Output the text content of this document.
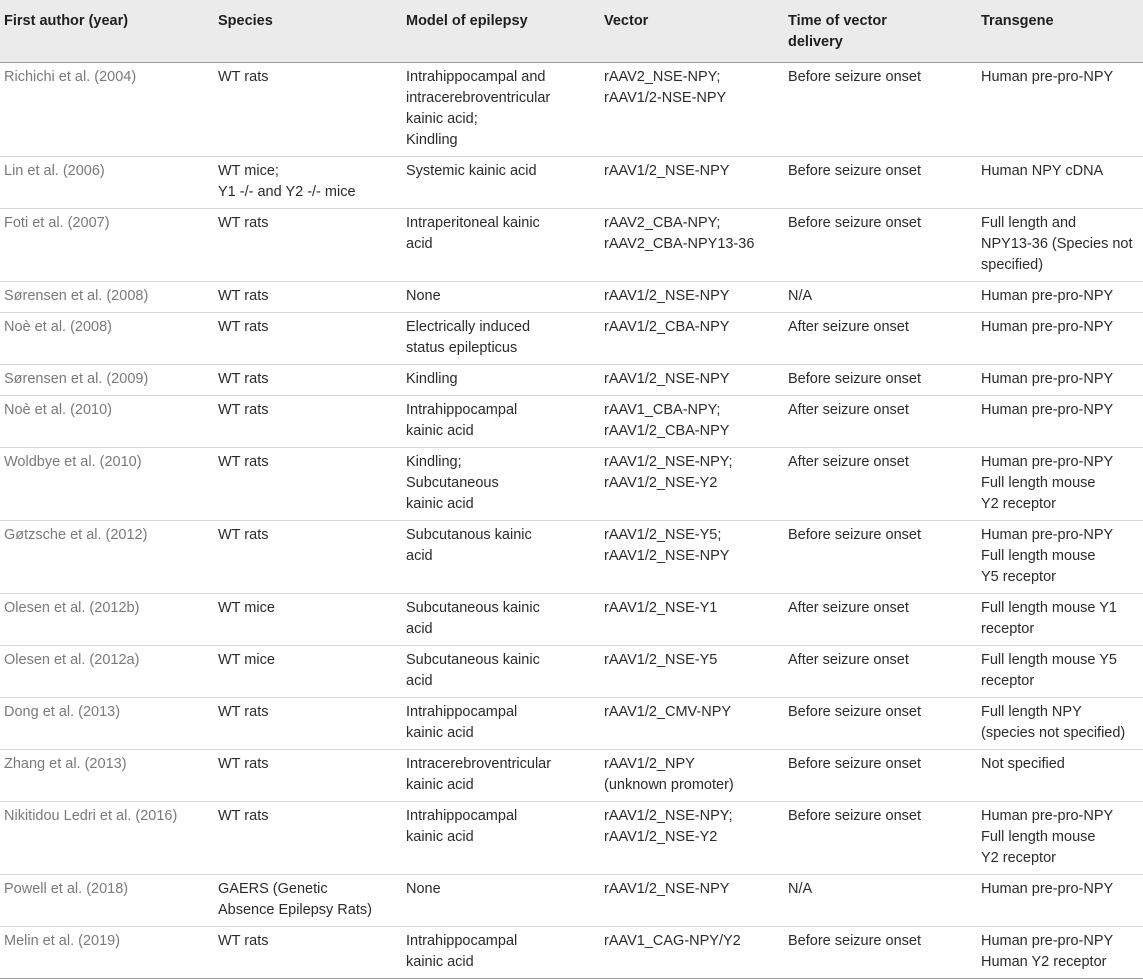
First author (year)	Species	Model of epilepsy	Vector	Time of vector
delivery	Transgene
Richichi et al. (2004)	WT rats	Intrahippocampal and
intracerebroventricular
kainic acid;
Kindling	rAAV2_NSE-NPY;
rAAV1/2-NSE-NPY	Before seizure onset	Human pre-pro-NPY
Lin et al. (2006)	WT mice;
Y1 -/- and Y2 -/- mice	Systemic kainic acid	rAAV1/2_NSE-NPY	Before seizure onset	Human NPY cDNA
Foti et al. (2007)	WT rats	Intraperitoneal kainic
acid	rAAV2_CBA-NPY;
rAAV2_CBA-NPY13-36	Before seizure onset	Full length and
NPY13-36 (Species not
specified)
Sørensen et al. (2008)	WT rats	None	rAAV1/2_NSE-NPY	N/A	Human pre-pro-NPY
Noè et al. (2008)	WT rats	Electrically induced
status epilepticus	rAAV1/2_CBA-NPY	After seizure onset	Human pre-pro-NPY
Sørensen et al. (2009)	WT rats	Kindling	rAAV1/2_NSE-NPY	Before seizure onset	Human pre-pro-NPY
Noè et al. (2010)	WT rats	Intrahippocampal
kainic acid	rAAV1_CBA-NPY;
rAAV1/2_CBA-NPY	After seizure onset	Human pre-pro-NPY
Woldbye et al. (2010)	WT rats	Kindling;
Subcutaneous
kainic acid	rAAV1/2_NSE-NPY;
rAAV1/2_NSE-Y2	After seizure onset	Human pre-pro-NPY
Full length mouse
Y2 receptor
Gøtzsche et al. (2012)	WT rats	Subcutanous kainic
acid	rAAV1/2_NSE-Y5;
rAAV1/2_NSE-NPY	Before seizure onset	Human pre-pro-NPY
Full length mouse
Y5 receptor
Olesen et al. (2012b)	WT mice	Subcutaneous kainic
acid	rAAV1/2_NSE-Y1	After seizure onset	Full length mouse Y1
receptor
Olesen et al. (2012a)	WT mice	Subcutaneous kainic
acid	rAAV1/2_NSE-Y5	After seizure onset	Full length mouse Y5
receptor
Dong et al. (2013)	WT rats	Intrahippocampal
kainic acid	rAAV1/2_CMV-NPY	Before seizure onset	Full length NPY
(species not specified)
Zhang et al. (2013)	WT rats	Intracerebroventricular
kainic acid	rAAV1/2_NPY
(unknown promoter)	Before seizure onset	Not specified
Nikitidou Ledri et al. (2016)	WT rats	Intrahippocampal
kainic acid	rAAV1/2_NSE-NPY;
rAAV1/2_NSE-Y2	Before seizure onset	Human pre-pro-NPY
Full length mouse
Y2 receptor
Powell et al. (2018)	GAERS (Genetic
Absence Epilepsy Rats)	None	rAAV1/2_NSE-NPY	N/A	Human pre-pro-NPY
Melin et al. (2019)	WT rats	Intrahippocampal
kainic acid	rAAV1_CAG-NPY/Y2	Before seizure onset	Human pre-pro-NPY
Human Y2 receptor
